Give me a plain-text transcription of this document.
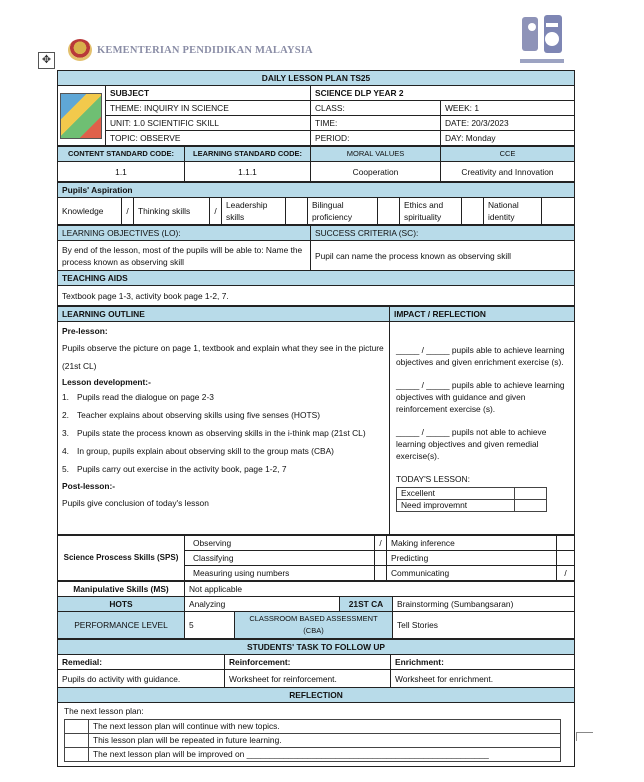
✥
KEMENTERIAN PENDIDIKAN MALAYSIA
DAILY LESSON PLAN TS25			

	SUBJECT	SCIENCE DLP YEAR 2	
	THEME: INQUIRY IN SCIENCE	CLASS:	WEEK: 1
	UNIT: 1.0 SCIENTIFIC SKILL	TIME:	DATE: 20/3/2023
	TOPIC: OBSERVE	PERIOD:	DAY: Monday
CONTENT STANDARD CODE:	LEARNING STANDARD CODE:	MORAL VALUES	CCE
1.1	1.1.1	Cooperation	Creativity and Innovation
Pupils' Aspiration
Knowledge	/	Thinking skills	/	Leadership skills		Bilingual proficiency		Ethics and spirituality		National identity	
LEARNING OBJECTIVES (LO):	SUCCESS CRITERIA (SC):
By end of the lesson, most of the pupils will be able to: Name the process known as observing skill	Pupil can name the process known as observing skill
TEACHING AIDS	
Textbook page 1-3, activity book page 1-2, 7.	
LEARNING OUTLINE	IMPACT / REFLECTION

Pre-lesson:
Pupils observe the picture on page 1, textbook and explain what they see in the picture (21st CL)
Lesson development:-
1. Pupils read the dialogue on page 2-3
2. Teacher explains about observing skills using five senses (HOTS)
3. Pupils state the process known as observing skills in the i-think map (21st CL)
4. In group, pupils explain about observing skill to the group mats (CBA)
5. Pupils carry out exercise in the activity book, page 1-2, 7
Post-lesson:-
Pupils give conclusion of today's lesson

_____ / _____ pupils able to achieve learning objectives and given enrichment exercise (s).
_____ / _____ pupils able to achieve learning objectives with guidance and given reinforcement exercise (s).
_____ / _____ pupils not able to achieve learning objectives and given remedial exercise(s).
TODAY'S LESSON:
Excellent	
Need improvemnt	
Science Proscess Skills (SPS)	Observing	/	Making inference	
	Classifying		Predicting	
	Measuring using numbers		Communicating	/
Manipulative Skills (MS)	Not applicable			
HOTS	Analyzing		21ST CA	Brainstorming (Sumbangsaran)
PERFORMANCE LEVEL	5	CLASSROOM BASED ASSESSMENT (CBA)		Tell Stories
STUDENTS' TASK TO FOLLOW UP
Remedial:	Reinforcement:	Enrichment:
Pupils do activity with guidance.	Worksheet for reinforcement.	Worksheet for enrichment.
REFLECTION

The next lesson plan:
	The next lesson plan will continue with new topics.
	This lesson plan will be repeated in future learning.
	The next lesson plan will be improved on ____________________________________________________
